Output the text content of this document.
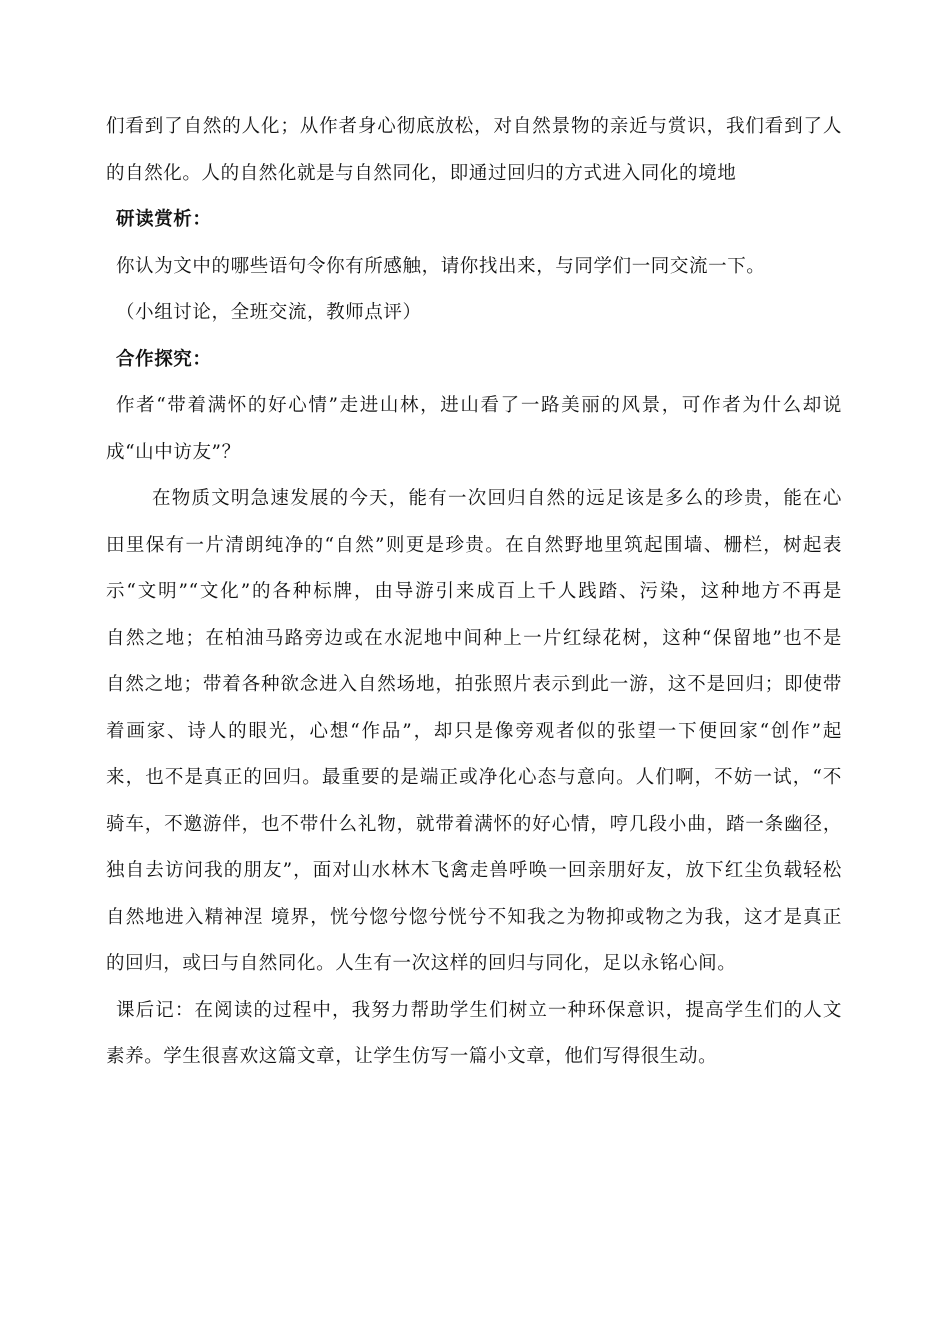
们看到了自然的人化；从作者身心彻底放松，对自然景物的亲近与赏识，我们看到了人
的自然化。人的自然化就是与自然同化，即通过回归的方式进入同化的境地
研读赏析：
你认为文中的哪些语句令你有所感触，请你找出来，与同学们一同交流一下。
（小组讨论，全班交流，教师点评）
合作探究：
作者“带着满怀的好心情”走进山林，进山看了一路美丽的风景，可作者为什么却说
成“山中访友”？
在物质文明急速发展的今天，能有一次回归自然的远足该是多么的珍贵，能在心
田里保有一片清朗纯净的“自然”则更是珍贵。在自然野地里筑起围墙、栅栏，树起表
示“文明”“文化”的各种标牌，由导游引来成百上千人践踏、污染，这种地方不再是
自然之地；在柏油马路旁边或在水泥地中间种上一片红绿花树，这种“保留地”也不是
自然之地；带着各种欲念进入自然场地，拍张照片表示到此一游，这不是回归；即使带
着画家、诗人的眼光，心想“作品”，却只是像旁观者似的张望一下便回家“创作”起
来，也不是真正的回归。最重要的是端正或净化心态与意向。人们啊，不妨一试，“不
骑车，不邀游伴，也不带什么礼物，就带着满怀的好心情，哼几段小曲，踏一条幽径，
独自去访问我的朋友”，面对山水林木飞禽走兽呼唤一回亲朋好友，放下红尘负载轻松
自然地进入精神涅 境界，恍兮惚兮惚兮恍兮不知我之为物抑或物之为我，这才是真正
的回归，或曰与自然同化。人生有一次这样的回归与同化，足以永铭心间。
课后记：在阅读的过程中，我努力帮助学生们树立一种环保意识，提高学生们的人文
素养。学生很喜欢这篇文章，让学生仿写一篇小文章，他们写得很生动。
